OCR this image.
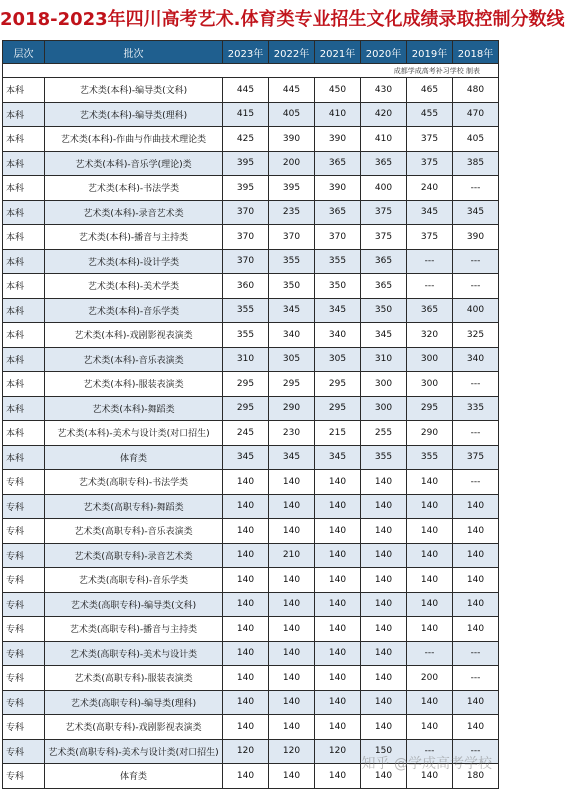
2018-2023年四川高考艺术.体育类专业招生文化成绩录取控制分数线
层次	批次	2023年	2022年	2021年	2020年	2019年	2018年
成都学成高考补习学校 制表							
本科	艺术类(本科)-编导类(文科)	445	445	450	430	465	480
本科	艺术类(本科)-编导类(理科)	415	405	410	420	455	470
本科	艺术类(本科)-作曲与作曲技术理论类	425	390	390	410	375	405
本科	艺术类(本科)-音乐学(理论)类	395	200	365	365	375	385
本科	艺术类(本科)-书法学类	395	395	390	400	240	---
本科	艺术类(本科)-录音艺术类	370	235	365	375	345	345
本科	艺术类(本科)-播音与主持类	370	370	370	375	375	390
本科	艺术类(本科)-设计学类	370	355	355	365	---	---
本科	艺术类(本科)-美术学类	360	350	350	365	---	---
本科	艺术类(本科)-音乐学类	355	345	345	350	365	400
本科	艺术类(本科)-戏剧影视表演类	355	340	340	345	320	325
本科	艺术类(本科)-音乐表演类	310	305	305	310	300	340
本科	艺术类(本科)-服装表演类	295	295	295	300	300	---
本科	艺术类(本科)-舞蹈类	295	290	295	300	295	335
本科	艺术类(本科)-美术与设计类(对口招生)	245	230	215	255	290	---
本科	体育类	345	345	345	355	355	375
专科	艺术类(高职专科)-书法学类	140	140	140	140	140	---
专科	艺术类(高职专科)-舞蹈类	140	140	140	140	140	140
专科	艺术类(高职专科)-音乐表演类	140	140	140	140	140	140
专科	艺术类(高职专科)-录音艺术类	140	210	140	140	140	140
专科	艺术类(高职专科)-音乐学类	140	140	140	140	140	140
专科	艺术类(高职专科)-编导类(文科)	140	140	140	140	140	140
专科	艺术类(高职专科)-播音与主持类	140	140	140	140	140	140
专科	艺术类(高职专科)-美术与设计类	140	140	140	140	---	---
专科	艺术类(高职专科)-服装表演类	140	140	140	140	200	---
专科	艺术类(高职专科)-编导类(理科)	140	140	140	140	140	140
专科	艺术类(高职专科)-戏剧影视表演类	140	140	140	140	140	140
专科	艺术类(高职专科)-美术与设计类(对口招生)	120	120	120	150	---	---
专科	体育类	140	140	140	140	140	180
知乎 @学成高考学校
